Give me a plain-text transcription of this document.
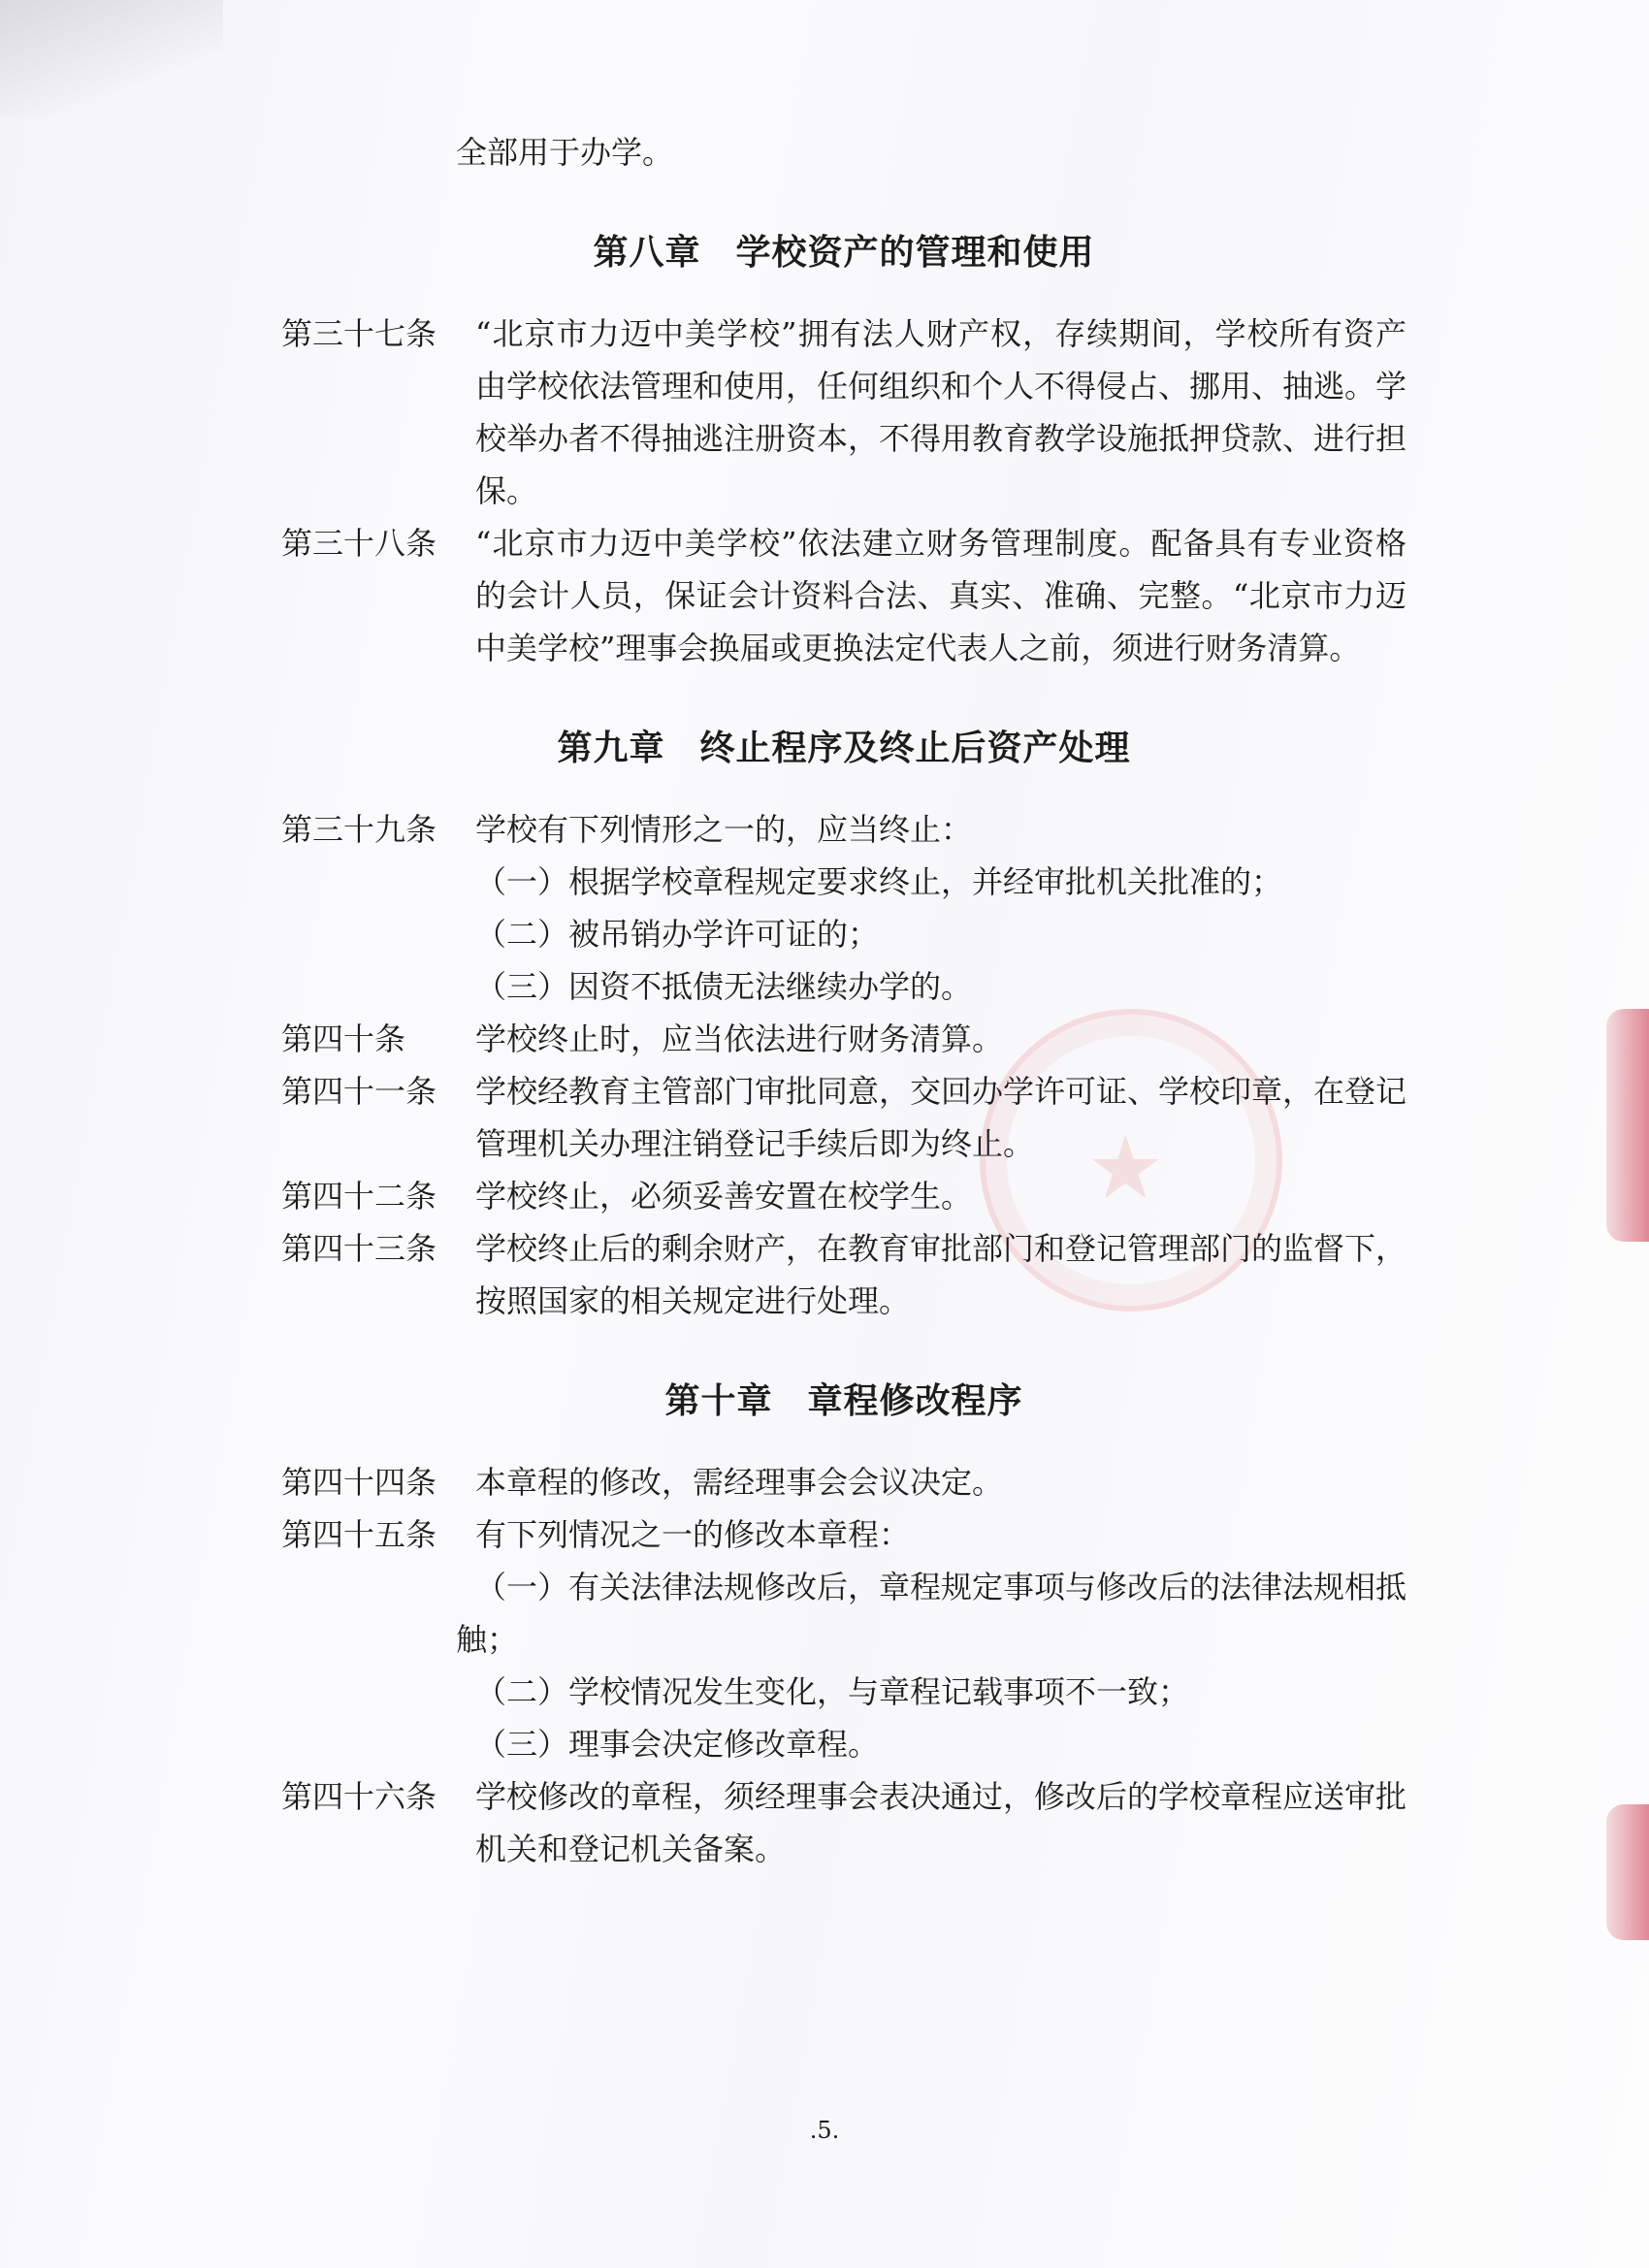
★

全部用于办学。

第八章 学校资产的管理和使用

第三十七条 “北京市力迈中美学校”拥有法人财产权，存续期间，学校所有资产由学校依法管理和使用，任何组织和个人不得侵占、挪用、抽逃。学校举办者不得抽逃注册资本，不得用教育教学设施抵押贷款、进行担保。

第三十八条 “北京市力迈中美学校”依法建立财务管理制度。配备具有专业资格的会计人员，保证会计资料合法、真实、准确、完整。“北京市力迈中美学校”理事会换届或更换法定代表人之前，须进行财务清算。

第九章 终止程序及终止后资产处理

第三十九条 学校有下列情形之一的，应当终止：

（一）根据学校章程规定要求终止，并经审批机关批准的；

（二）被吊销办学许可证的；

（三）因资不抵债无法继续办学的。

第四十条 学校终止时，应当依法进行财务清算。

第四十一条 学校经教育主管部门审批同意，交回办学许可证、学校印章，在登记管理机关办理注销登记手续后即为终止。

第四十二条 学校终止，必须妥善安置在校学生。

第四十三条 学校终止后的剩余财产，在教育审批部门和登记管理部门的监督下，按照国家的相关规定进行处理。

第十章 章程修改程序

第四十四条 本章程的修改，需经理事会会议决定。

第四十五条 有下列情况之一的修改本章程：

（一）有关法律法规修改后，章程规定事项与修改后的法律法规相抵

触；

（二）学校情况发生变化，与章程记载事项不一致；

（三）理事会决定修改章程。

第四十六条 学校修改的章程，须经理事会表决通过，修改后的学校章程应送审批机关和登记机关备案。

.5.
